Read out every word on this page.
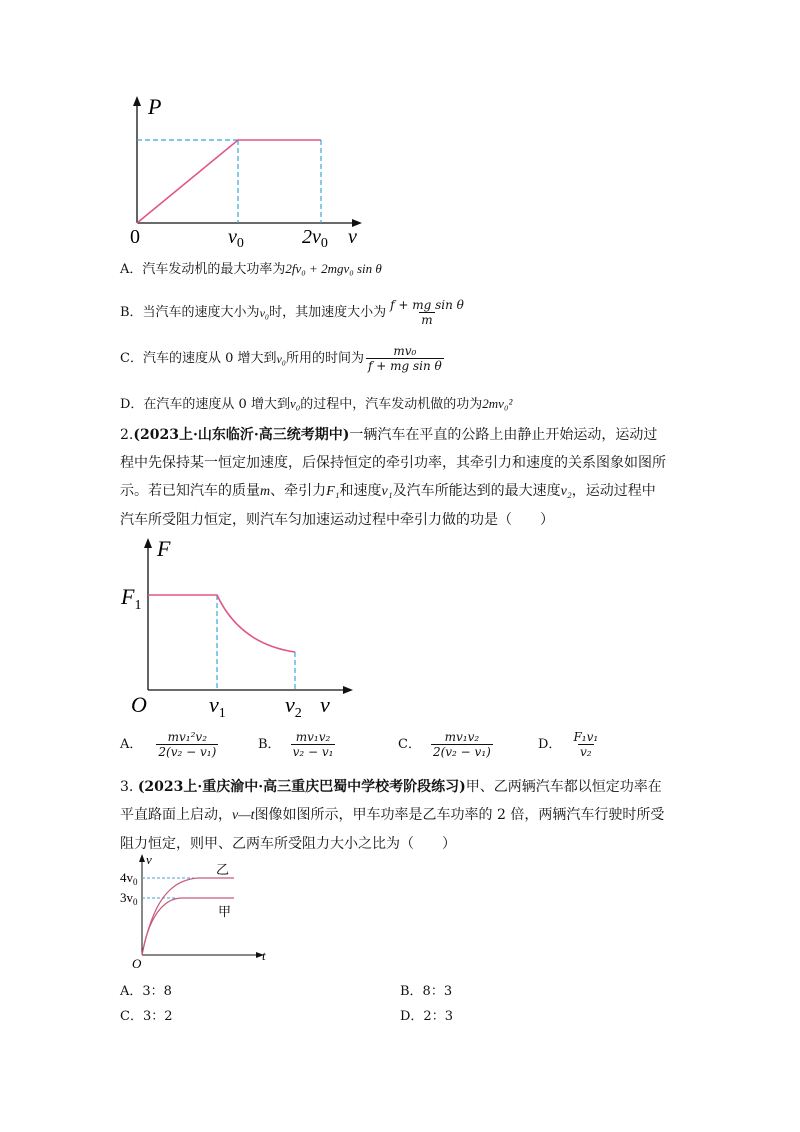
P
0	$v_0$	$2v_0$ v
A．汽车发动机的最大功率为2fv₀ + 2mgv₀ sin θ
B．当汽车的速度大小为 v₀ 时，其加速度大小为 $\frac{\text{f + mg sin θ}}{m}$
C．汽车的速度从 0 增大到 v₀ 所用的时间为 $\frac{\text{mv₀}}{\text{f + mg sin θ}}$
D．在汽车的速度从 0 增大到v₀的过程中，汽车发动机做的功为2mv₀²
2.(2023上·山东临沂·高三统考期中)一辆汽车在平直的公路上由静止开始运动，运动过
程中先保持某一恒定加速度，后保持恒定的牵引功率，其牵引力和速度的关系图象如图所
示。若已知汽车的质量m、牵引力F₁和速度v₁及汽车所能达到的最大速度v₂，运动过程中
汽车所受阻力恒定，则汽车匀加速运动过程中牵引力做的功是（　　）
F
$F_1$
O	$v_1$	$v_2$ v
A． $\frac{\text{mv₁²v₂}}{\text{2(v₂ − v₁)}}$	B． $\frac{\text{mv₁v₂}}{\text{v₂ − v₁}}$	C． $\frac{\text{mv₁v₂}}{\text{2(v₂ − v₁)}}$	D． $\frac{\text{F₁v₁}}{\text{v₂}}$
3. (2023上·重庆渝中·高三重庆巴蜀中学校考阶段练习)甲、乙两辆汽车都以恒定功率在
平直路面上启动，v—t图像如图所示，甲车功率是乙车功率的 2 倍，两辆汽车行驶时所受
阻力恒定，则甲、乙两车所受阻力大小之比为（　　）
v
$4v_0$
$3v_0$
O
t
乙
甲
A．3：8	B．8：3
C．3：2	D．2：3
